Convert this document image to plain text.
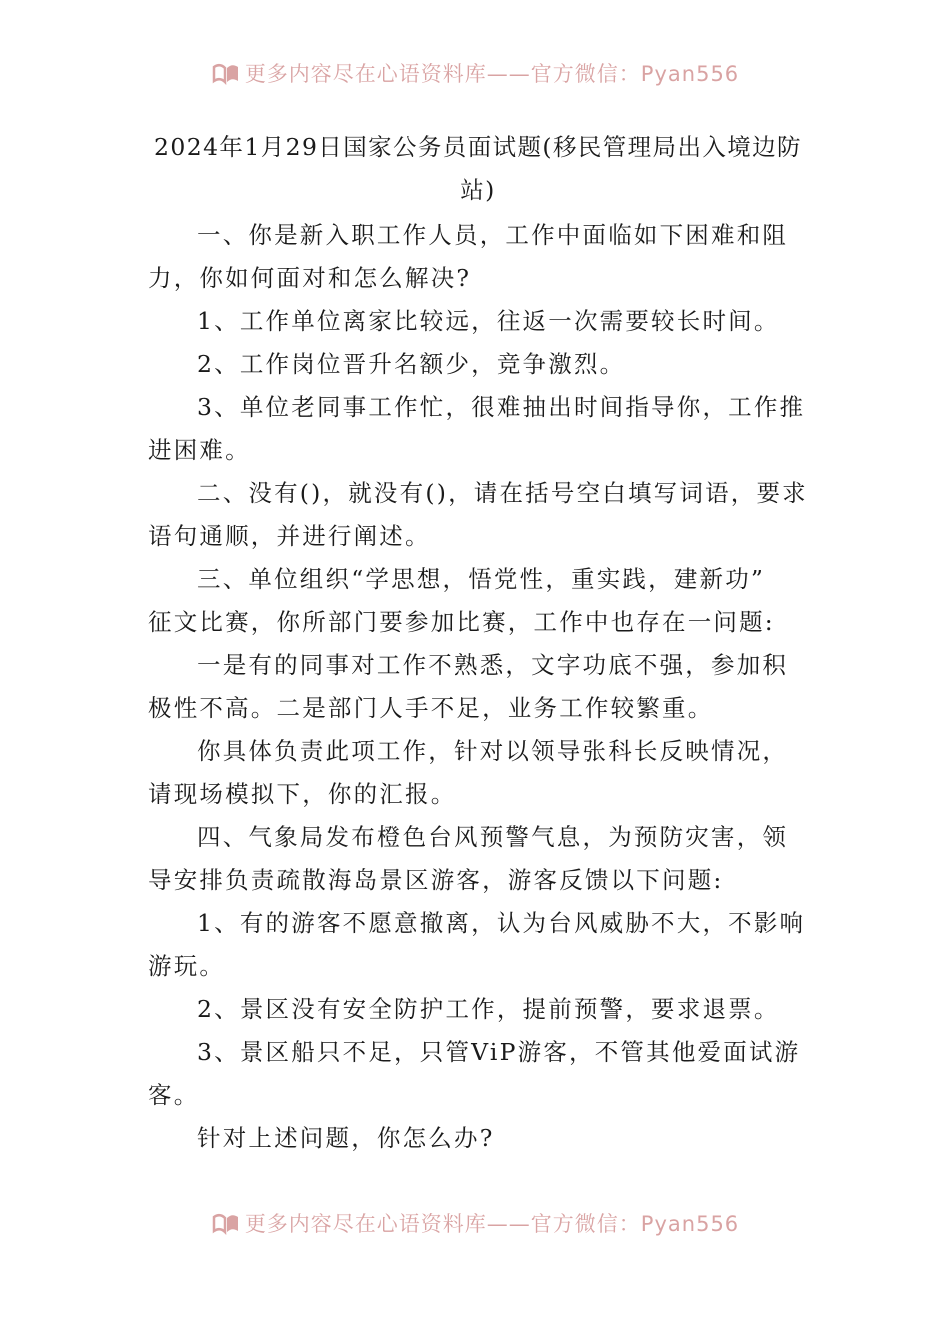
更多内容尽在心语资料库——官方微信：Pyan556
2024年1月29日国家公务员面试题(移民管理局出入境边防站)

一、你是新入职工作人员，工作中面临如下困难和阻力，你如何面对和怎么解决?

1、工作单位离家比较远，往返一次需要较长时间。

2、工作岗位晋升名额少，竞争激烈。

3、单位老同事工作忙，很难抽出时间指导你，工作推进困难。

二、没有()，就没有()，请在括号空白填写词语，要求语句通顺，并进行阐述。

三、单位组织“学思想，悟党性，重实践，建新功”

征文比赛，你所部门要参加比赛，工作中也存在一问题:

一是有的同事对工作不熟悉，文字功底不强，参加积极性不高。二是部门人手不足，业务工作较繁重。

你具体负责此项工作，针对以领导张科长反映情况，请现场模拟下，你的汇报。

四、气象局发布橙色台风预警气息，为预防灾害，领

导安排负责疏散海岛景区游客，游客反馈以下问题:

1、有的游客不愿意撤离，认为台风威胁不大，不影响游玩。

2、景区没有安全防护工作，提前预警，要求退票。

3、景区船只不足，只管ViP游客，不管其他爱面试游客。

针对上述问题，你怎么办?

更多内容尽在心语资料库——官方微信：Pyan556
